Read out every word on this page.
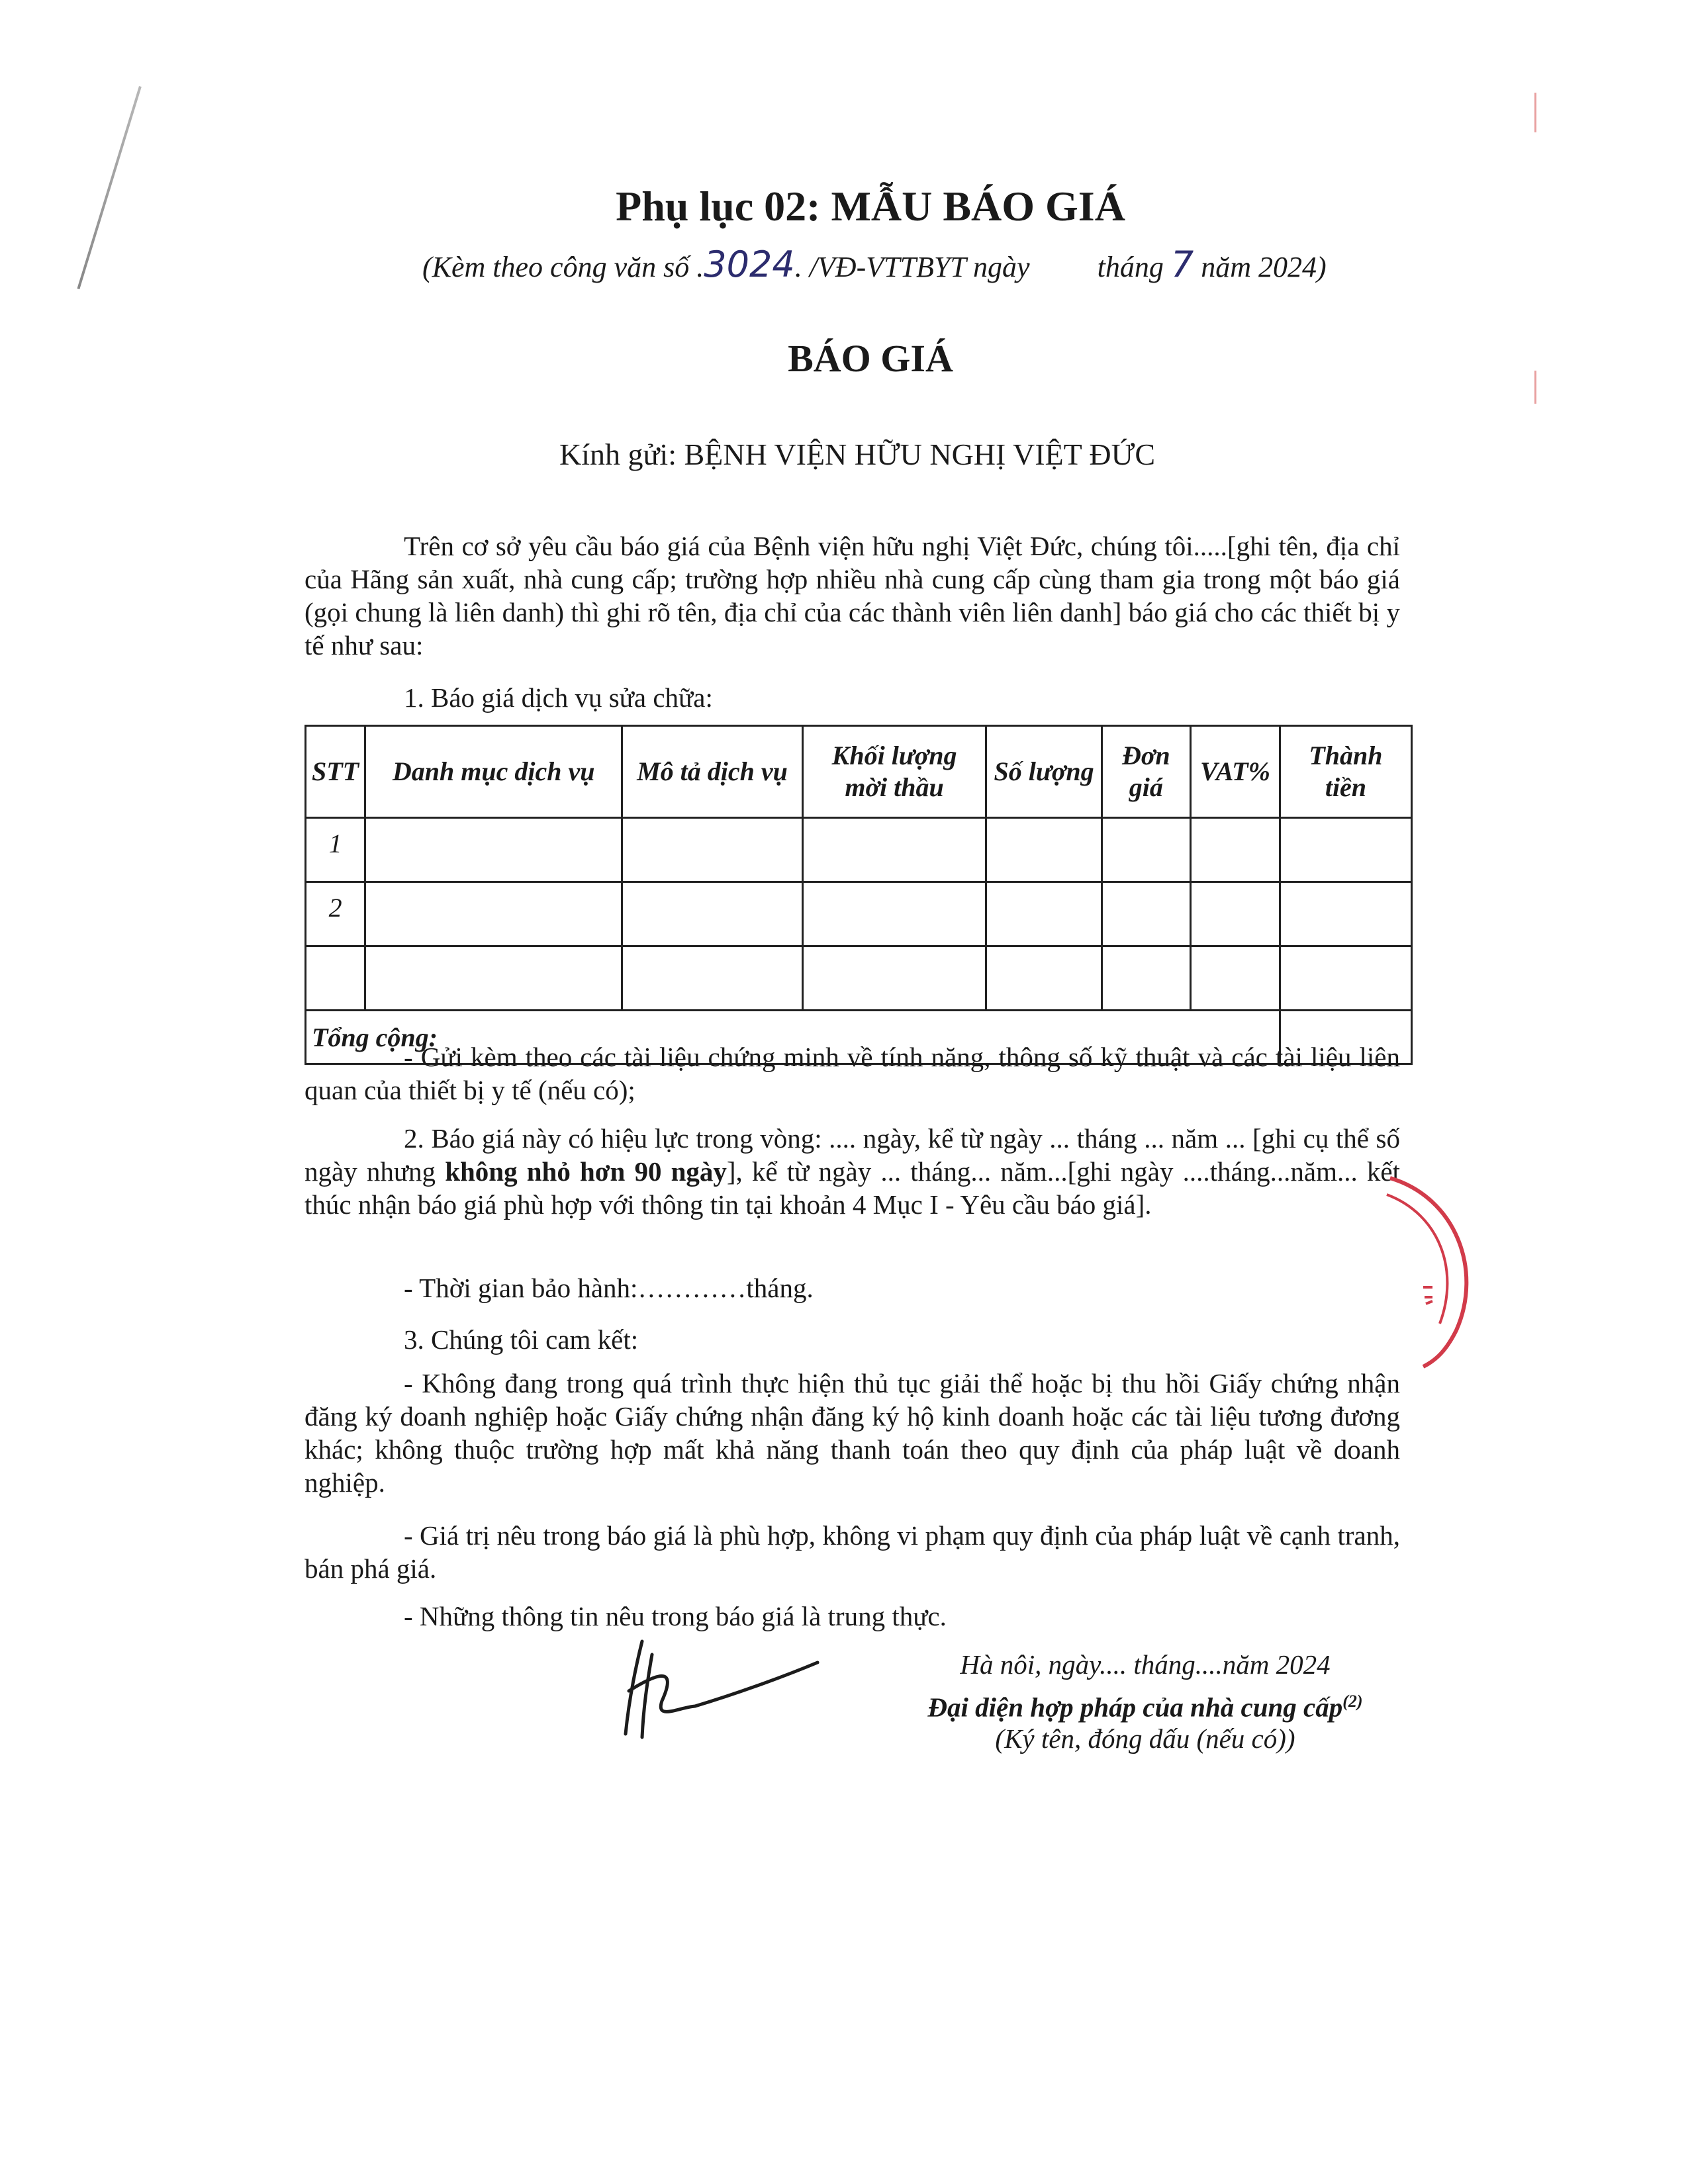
Phụ lục 02: MẪU BÁO GIÁ
(Kèm theo công văn số .3024. /VĐ-VTTBYT ngày tháng 7 năm 2024)
BÁO GIÁ
Kính gửi: BỆNH VIỆN HỮU NGHỊ VIỆT ĐỨC
Trên cơ sở yêu cầu báo giá của Bệnh viện hữu nghị Việt Đức, chúng tôi.....[ghi tên, địa chỉ của Hãng sản xuất, nhà cung cấp; trường hợp nhiều nhà cung cấp cùng tham gia trong một báo giá (gọi chung là liên danh) thì ghi rõ tên, địa chỉ của các thành viên liên danh] báo giá cho các thiết bị y tế như sau:
1. Báo giá dịch vụ sửa chữa:
STT	Danh mục dịch vụ	Mô tả dịch vụ	Khối lượng mời thầu	Số lượng	Đơn giá	VAT%	Thành tiền
1							
2							

Tổng cộng:							
- Gửi kèm theo các tài liệu chứng minh về tính năng, thông số kỹ thuật và các tài liệu liên quan của thiết bị y tế (nếu có);
2. Báo giá này có hiệu lực trong vòng: .... ngày, kể từ ngày ... tháng ... năm ... [ghi cụ thể số ngày nhưng không nhỏ hơn 90 ngày], kể từ ngày ... tháng... năm...[ghi ngày ....tháng...năm... kết thúc nhận báo giá phù hợp với thông tin tại khoản 4 Mục I - Yêu cầu báo giá].
- Thời gian bảo hành:…………tháng.
3. Chúng tôi cam kết:
- Không đang trong quá trình thực hiện thủ tục giải thể hoặc bị thu hồi Giấy chứng nhận đăng ký doanh nghiệp hoặc Giấy chứng nhận đăng ký hộ kinh doanh hoặc các tài liệu tương đương khác; không thuộc trường hợp mất khả năng thanh toán theo quy định của pháp luật về doanh nghiệp.
- Giá trị nêu trong báo giá là phù hợp, không vi phạm quy định của pháp luật về cạnh tranh, bán phá giá.
- Những thông tin nêu trong báo giá là trung thực.
Hà nôi, ngày.... tháng....năm 2024
Đại diện hợp pháp của nhà cung cấp$^{(2)}$
(Ký tên, đóng dấu (nếu có))
